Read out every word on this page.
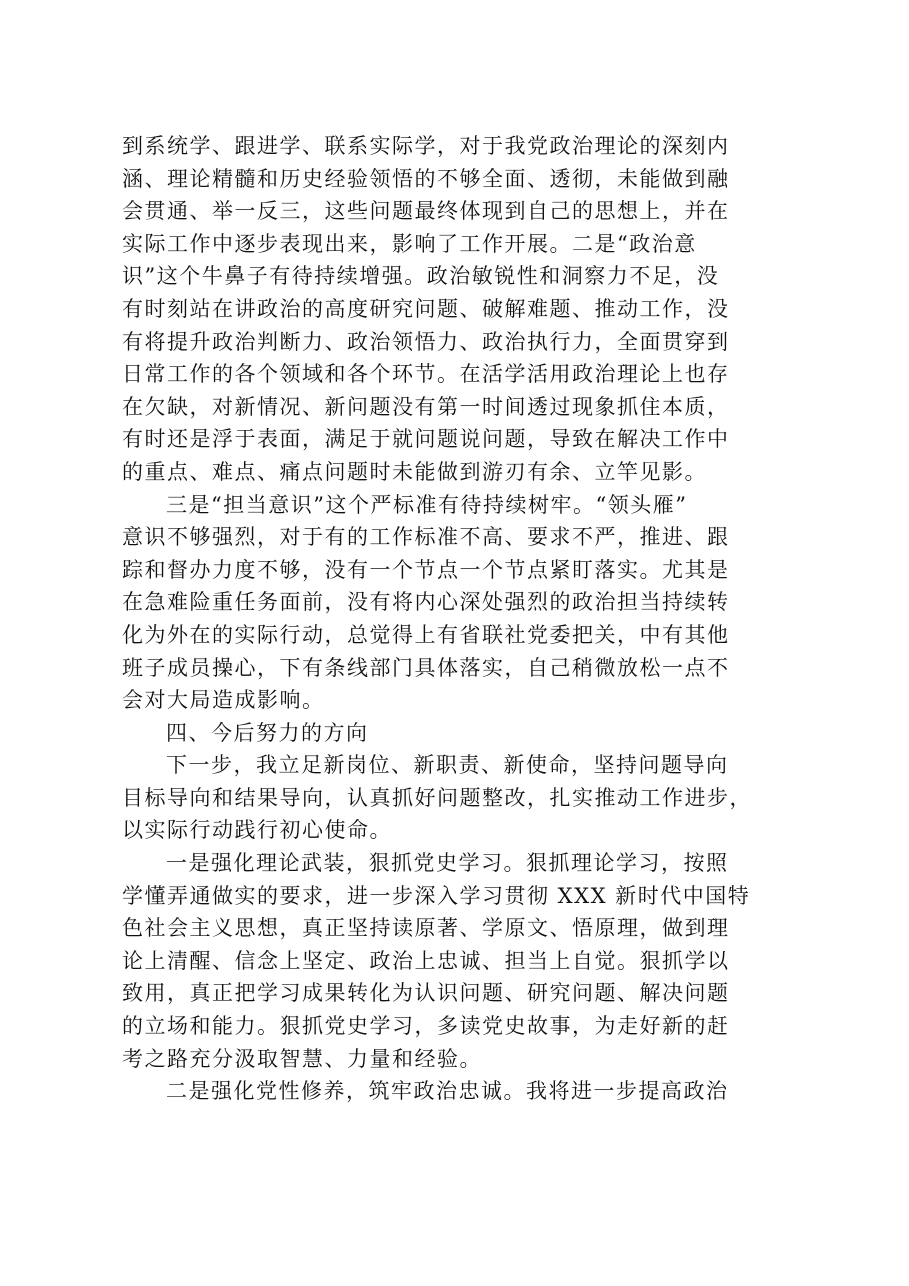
到系统学、跟进学、联系实际学，对于我党政治理论的深刻内
涵、理论精髓和历史经验领悟的不够全面、透彻，未能做到融
会贯通、举一反三，这些问题最终体现到自己的思想上，并在
实际工作中逐步表现出来，影响了工作开展。二是“政治意
识”这个牛鼻子有待持续增强。政治敏锐性和洞察力不足，没
有时刻站在讲政治的高度研究问题、破解难题、推动工作，没
有将提升政治判断力、政治领悟力、政治执行力，全面贯穿到
日常工作的各个领域和各个环节。在活学活用政治理论上也存
在欠缺，对新情况、新问题没有第一时间透过现象抓住本质，
有时还是浮于表面，满足于就问题说问题，导致在解决工作中
的重点、难点、痛点问题时未能做到游刃有余、立竿见影。
三是“担当意识”这个严标准有待持续树牢。“领头雁”
意识不够强烈，对于有的工作标准不高、要求不严，推进、跟
踪和督办力度不够，没有一个节点一个节点紧盯落实。尤其是
在急难险重任务面前，没有将内心深处强烈的政治担当持续转
化为外在的实际行动，总觉得上有省联社党委把关，中有其他
班子成员操心，下有条线部门具体落实，自己稍微放松一点不
会对大局造成影响。
四、今后努力的方向
下一步，我立足新岗位、新职责、新使命，坚持问题导向
目标导向和结果导向，认真抓好问题整改，扎实推动工作进步，
以实际行动践行初心使命。
一是强化理论武装，狠抓党史学习。狠抓理论学习，按照
学懂弄通做实的要求，进一步深入学习贯彻 XXX 新时代中国特
色社会主义思想，真正坚持读原著、学原文、悟原理，做到理
论上清醒、信念上坚定、政治上忠诚、担当上自觉。狠抓学以
致用，真正把学习成果转化为认识问题、研究问题、解决问题
的立场和能力。狠抓党史学习，多读党史故事，为走好新的赶
考之路充分汲取智慧、力量和经验。
二是强化党性修养，筑牢政治忠诚。我将进一步提高政治
